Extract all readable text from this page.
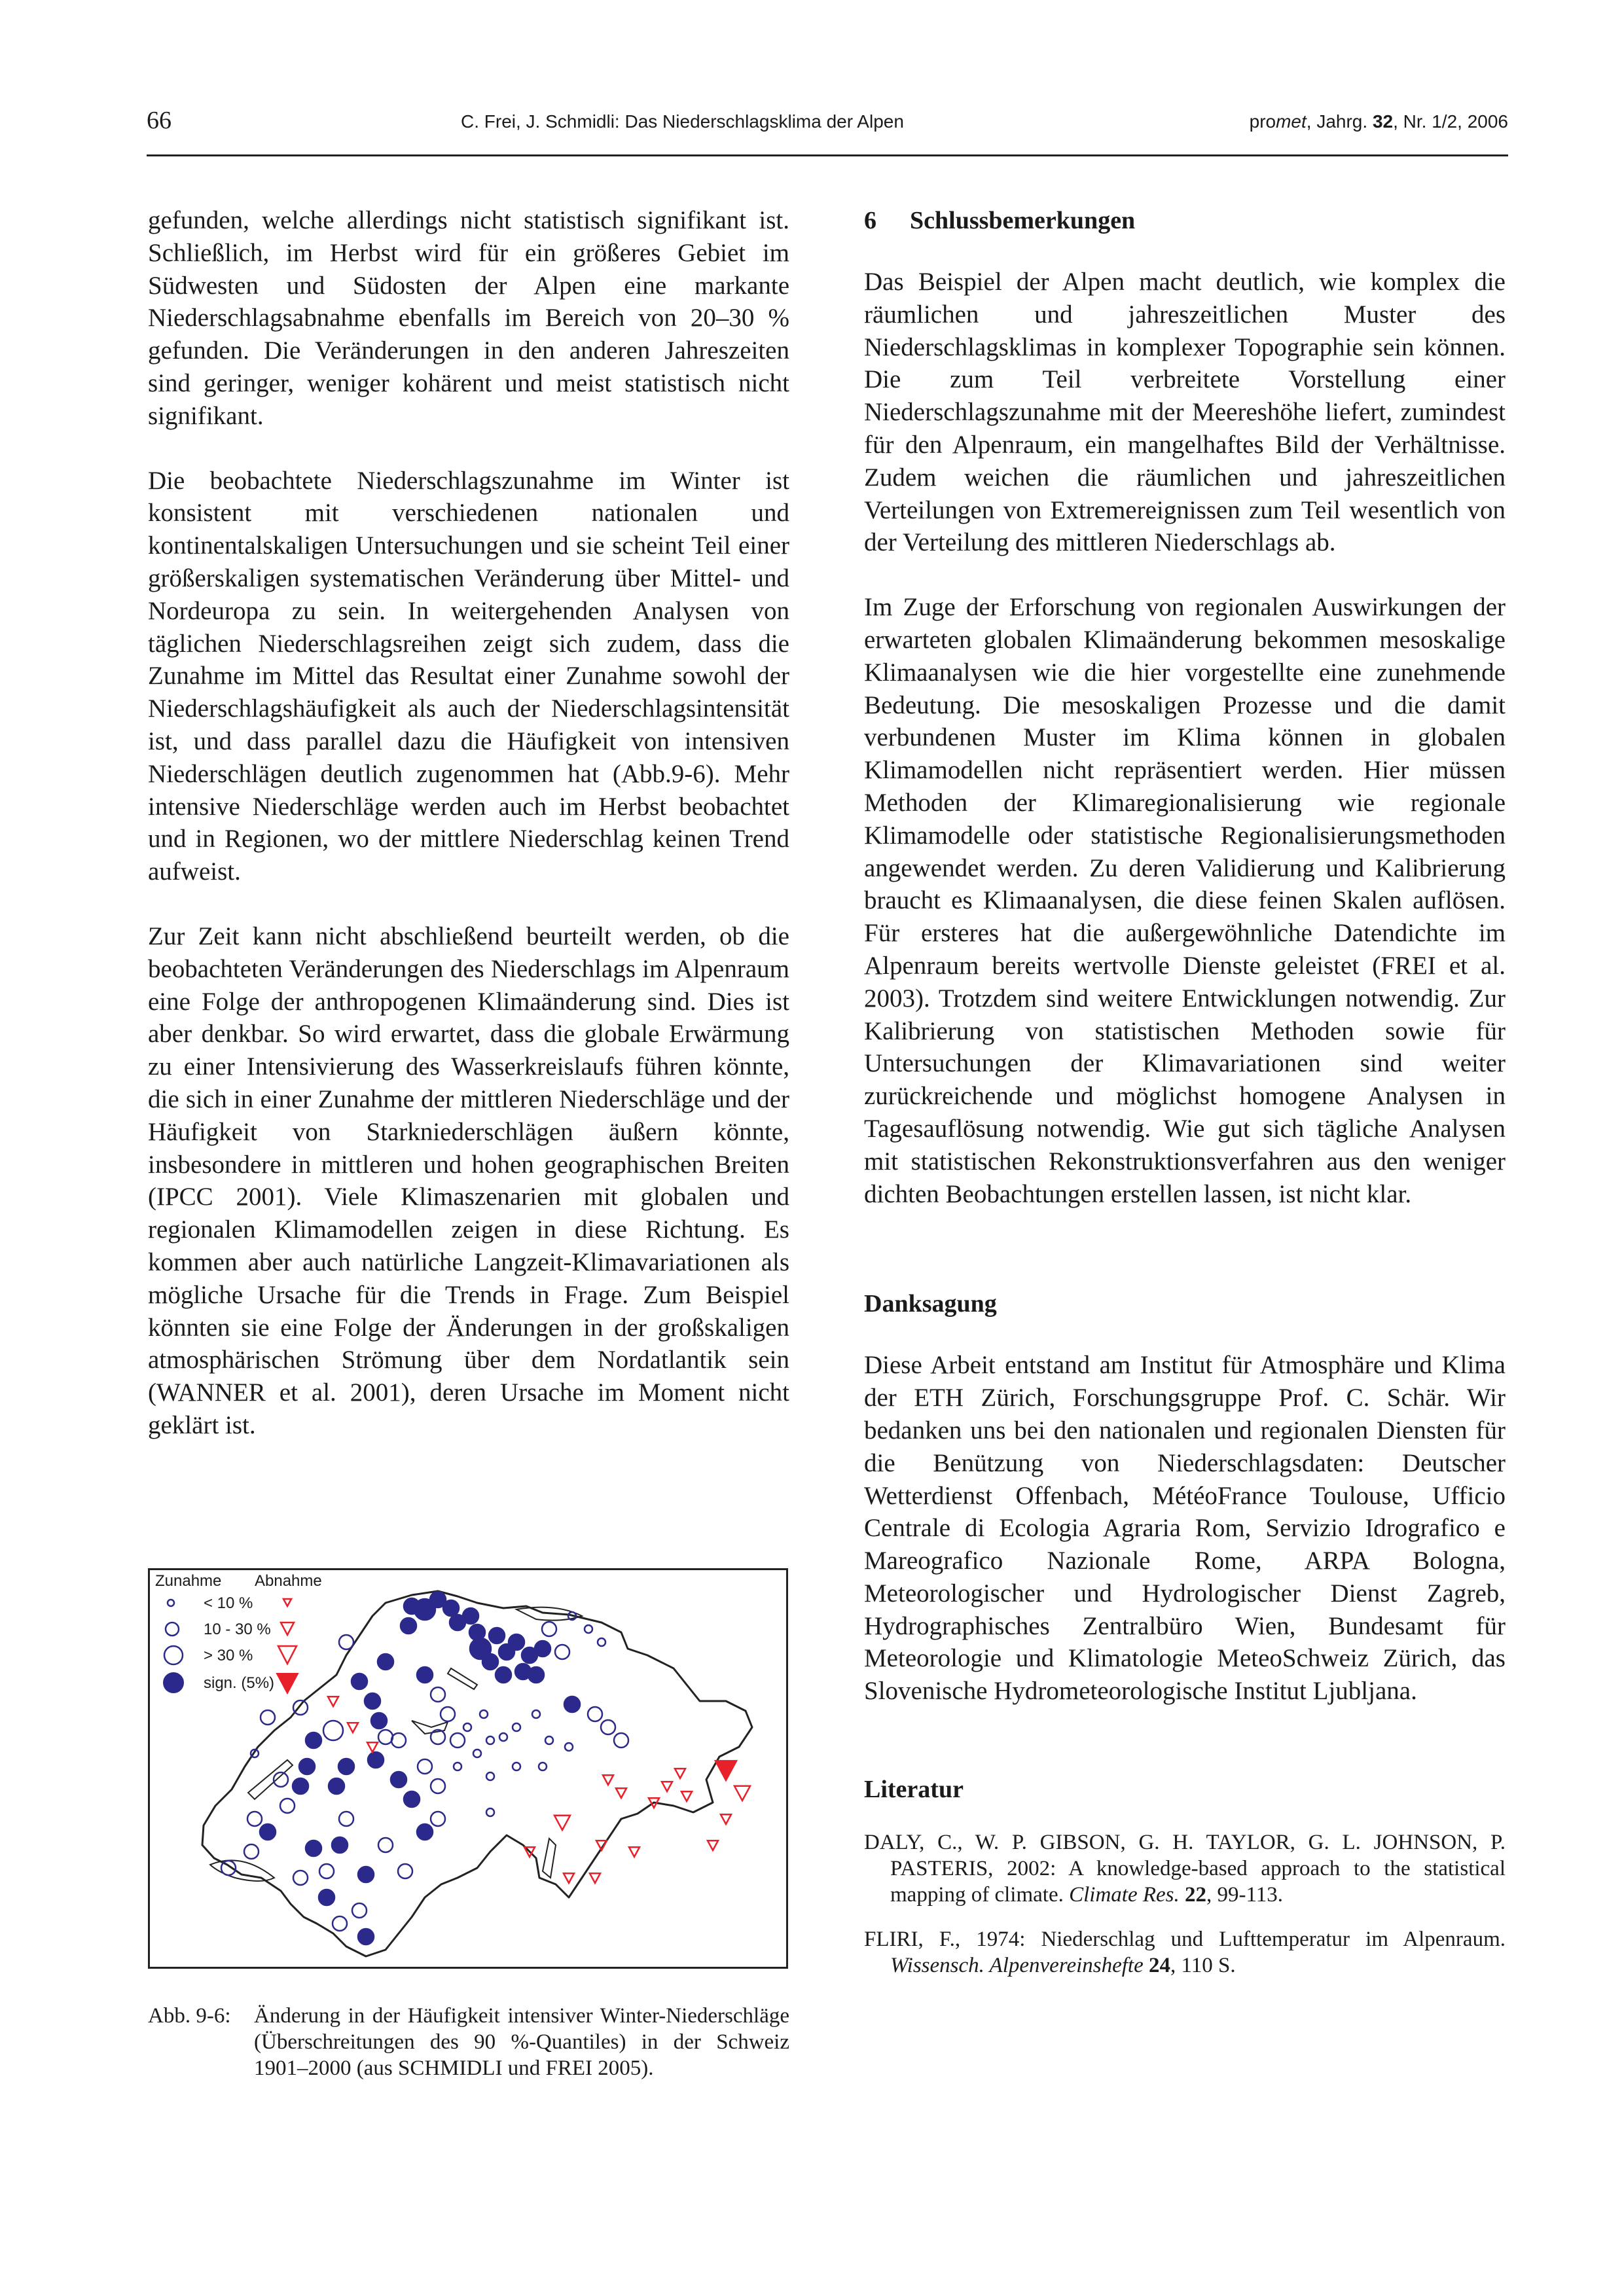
66	C. Frei, J. Schmidli: Das Niederschlagsklima der Alpen	promet, Jahrg. 32, Nr. 1/2, 2006

gefunden, welche allerdings nicht statistisch signifikant ist. Schließlich, im Herbst wird für ein größeres Gebiet im Südwesten und Südosten der Alpen eine markante Niederschlagsabnahme ebenfalls im Bereich von 20–30 % gefunden. Die Veränderungen in den anderen Jahreszeiten sind geringer, weniger kohärent und meist statistisch nicht signifikant.

Die beobachtete Niederschlagszunahme im Winter ist konsistent mit verschiedenen nationalen und kontinentalskaligen Untersuchungen und sie scheint Teil einer größerskaligen systematischen Veränderung über Mittel- und Nordeuropa zu sein. In weitergehenden Analysen von täglichen Niederschlagsreihen zeigt sich zudem, dass die Zunahme im Mittel das Resultat einer Zunahme sowohl der Niederschlagshäufigkeit als auch der Niederschlagsintensität ist, und dass parallel dazu die Häufigkeit von intensiven Niederschlägen deutlich zugenommen hat (Abb.9-6). Mehr intensive Niederschläge werden auch im Herbst beobachtet und in Regionen, wo der mittlere Niederschlag keinen Trend aufweist.

Zur Zeit kann nicht abschließend beurteilt werden, ob die beobachteten Veränderungen des Niederschlags im Alpenraum eine Folge der anthropogenen Klimaänderung sind. Dies ist aber denkbar. So wird erwartet, dass die globale Erwärmung zu einer Intensivierung des Wasserkreislaufs führen könnte, die sich in einer Zunahme der mittleren Niederschläge und der Häufigkeit von Starkniederschlägen äußern könnte, insbesondere in mittleren und hohen geographischen Breiten (IPCC 2001). Viele Klimaszenarien mit globalen und regionalen Klimamodellen zeigen in diese Richtung. Es kommen aber auch natürliche Langzeit-Klimavariationen als mögliche Ursache für die Trends in Frage. Zum Beispiel könnten sie eine Folge der Änderungen in der großskaligen atmosphärischen Strömung über dem Nordatlantik sein (WANNER et al. 2001), deren Ursache im Moment nicht geklärt ist.

Zunahme Abnahme
< 10 %
10 - 30 %
> 30 %
sign. (5%)
Abb. 9-6: Änderung in der Häufigkeit intensiver Winter-Niederschläge (Überschreitungen des 90 %-Quantiles) in der Schweiz 1901–2000 (aus SCHMIDLI und FREI 2005).
6 Schlussbemerkungen

Das Beispiel der Alpen macht deutlich, wie komplex die räumlichen und jahreszeitlichen Muster des Niederschlagsklimas in komplexer Topographie sein können. Die zum Teil verbreitete Vorstellung einer Niederschlagszunahme mit der Meereshöhe liefert, zumindest für den Alpenraum, ein mangelhaftes Bild der Verhältnisse. Zudem weichen die räumlichen und jahreszeitlichen Verteilungen von Extremereignissen zum Teil wesentlich von der Verteilung des mittleren Niederschlags ab.

Im Zuge der Erforschung von regionalen Auswirkungen der erwarteten globalen Klimaänderung bekommen mesoskalige Klimaanalysen wie die hier vorgestellte eine zunehmende Bedeutung. Die mesoskaligen Prozesse und die damit verbundenen Muster im Klima können in globalen Klimamodellen nicht repräsentiert werden. Hier müssen Methoden der Klimaregionalisierung wie regionale Klimamodelle oder statistische Regionalisierungsmethoden angewendet werden. Zu deren Validierung und Kalibrierung braucht es Klimaanalysen, die diese feinen Skalen auflösen. Für ersteres hat die außergewöhnliche Datendichte im Alpenraum bereits wertvolle Dienste geleistet (FREI et al. 2003). Trotzdem sind weitere Entwicklungen notwendig. Zur Kalibrierung von statistischen Methoden sowie für Untersuchungen der Klimavariationen sind weiter zurückreichende und möglichst homogene Analysen in Tagesauflösung notwendig. Wie gut sich tägliche Analysen mit statistischen Rekonstruktionsverfahren aus den weniger dichten Beobachtungen erstellen lassen, ist nicht klar.

Danksagung

Diese Arbeit entstand am Institut für Atmosphäre und Klima der ETH Zürich, Forschungsgruppe Prof. C. Schär. Wir bedanken uns bei den nationalen und regionalen Diensten für die Benützung von Niederschlagsdaten: Deutscher Wetterdienst Offenbach, MétéoFrance Toulouse, Ufficio Centrale di Ecologia Agraria Rom, Servizio Idrografico e Mareografico Nazionale Rome, ARPA Bologna, Meteorologischer und Hydrologischer Dienst Zagreb, Hydrographisches Zentralbüro Wien, Bundesamt für Meteorologie und Klimatologie MeteoSchweiz Zürich, das Slovenische Hydrometeorologische Institut Ljubljana.

Literatur

DALY, C., W. P. GIBSON, G. H. TAYLOR, G. L. JOHNSON, P. PASTERIS, 2002: A knowledge-based approach to the statistical mapping of climate. Climate Res. 22, 99-113.

FLIRI, F., 1974: Niederschlag und Lufttemperatur im Alpenraum. Wissensch. Alpenvereinshefte 24, 110 S.
